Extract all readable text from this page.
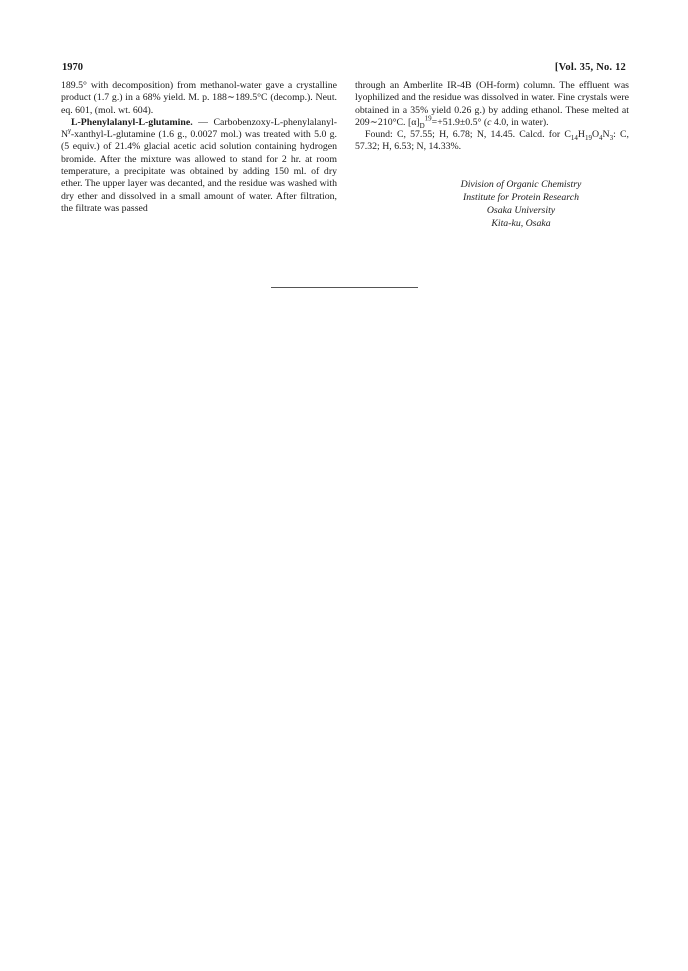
1970	[Vol. 35, No. 12

189.5° with decomposition) from methanol-water gave a crystalline product (1.7 g.) in a 68% yield. M. p. 188∼189.5°C (decomp.). Neut. eq. 601, (mol. wt. 604).

L-Phenylalanyl-L-glutamine. — Carbobenzoxy-$L-phenylalanyl-N^\gamma-xanthyl-L$-glutamine (1.6 g., 0.0027 mol.) was treated with 5.0 g. (5 equiv.) of 21.4% glacial acetic acid solution containing hydrogen bromide. After the mixture was allowed to stand for 2 hr. at room temperature, a precipitate was obtained by adding 150 ml. of dry ether. The upper layer was decanted, and the residue was washed with dry ether and dissolved in a small amount of water. After filtration, the filtrate was passed

through an Amberlite IR-4B (OH-form) column. The effluent was lyophilized and the residue was dissolved in water. Fine crystals were obtained in a 35% yield 0.26 g.) by adding ethanol. These melted at 209∼210°C. $[\alpha]_D^{19}=+51.9\pm 0.5^\circ$ (c 4.0, in water).

Found: C, 57.55; H, 6.78; N, 14.45. Calcd. for $C_{14}H_{19}O_4N_3$: C, 57.32; H, 6.53; N, 14.33%.

Division of Organic Chemistry
Institute for Protein Research
Osaka University
Kita-ku, Osaka
